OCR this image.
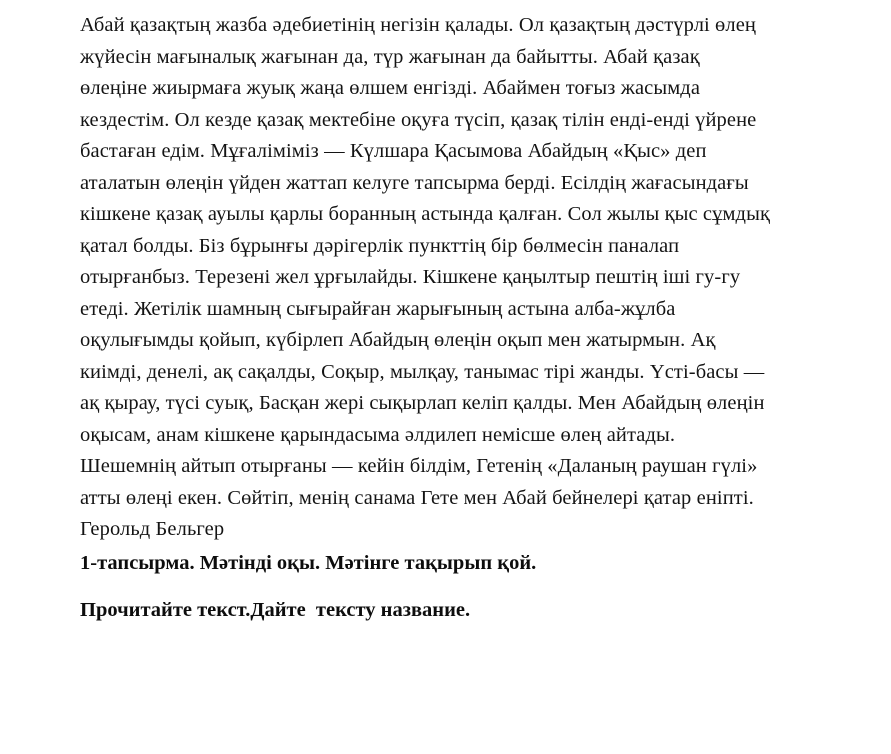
Абай қазақтың жазба әдебиетінің негізін қалады. Ол қазақтың дәстүрлі өлең
жүйесін мағыналық жағынан да, түр жағынан да байытты. Абай қазақ
өлеңіне жиырмаға жуық жаңа өлшем енгізді. Абаймен тоғыз жасымда
кездестім. Ол кезде қазақ мектебіне оқуға түсіп, қазақ тілін енді-енді үйрене
бастаған едім. Мұғаліміміз — Күлшара Қасымова Абайдың «Қыс» деп
аталатын өлеңін үйден жаттап келуге тапсырма берді. Есілдің жағасындағы
кішкене қазақ ауылы қарлы боранның астында қалған. Сол жылы қыс сұмдық
қатал болды. Біз бұрынғы дәрігерлік пункттің бір бөлмесін паналап
отырғанбыз. Терезені жел ұрғылайды. Кішкене қаңылтыр пештің іші гу-гу
етеді. Жетілік шамның сығырайған жарығының астына алба-жұлба
оқулығымды қойып, күбірлеп Абайдың өлеңін оқып мен жатырмын. Ақ
киімді, денелі, ақ сақалды, Соқыр, мылқау, танымас тірі жанды. Үсті-басы —
ақ қырау, түсі суық, Басқан жері сықырлап келіп қалды. Мен Абайдың өлеңін
оқысам, анам кішкене қарындасыма әлдилеп немісше өлең айтады.
Шешемнің айтып отырғаны — кейін білдім, Гетенің «Даланың раушан гүлі»
атты өлеңі екен. Сөйтіп, менің санама Гете мен Абай бейнелері қатар еніпті.
Герольд Бельгер
1-тапсырма. Мәтінді оқы. Мәтінге тақырып қой.
Прочитайте текст.Дайте  тексту название.
